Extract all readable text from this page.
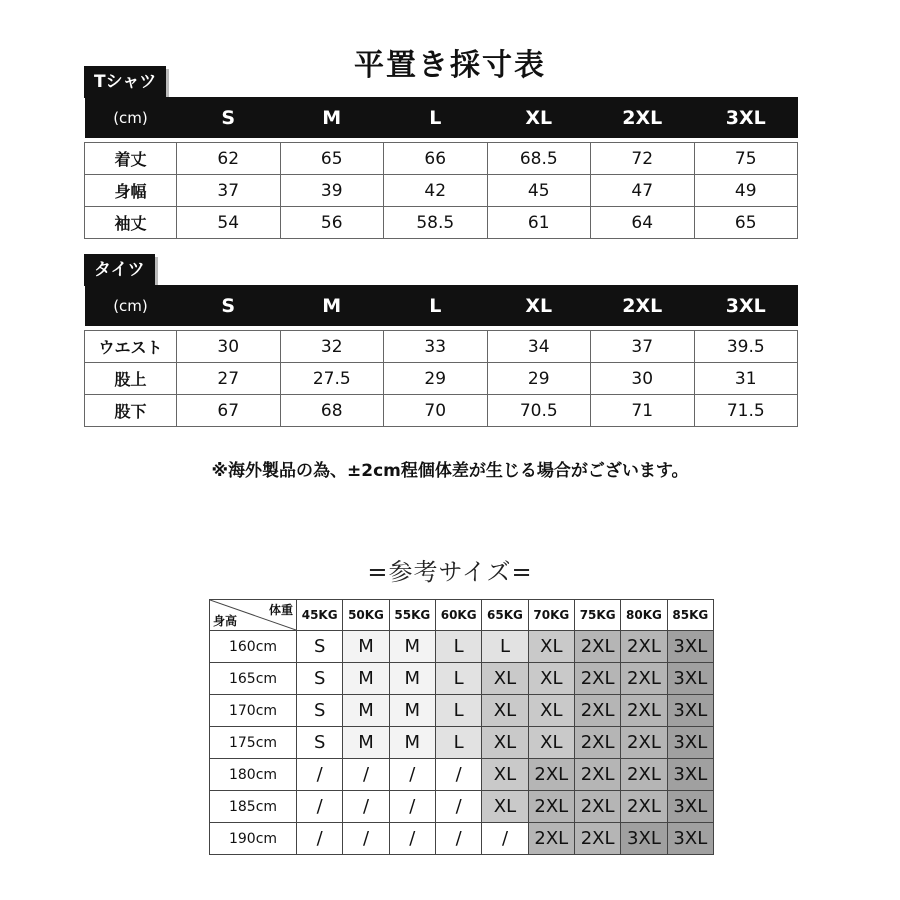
平置き採寸表
Tシャツ
(cm)	S	M	L	XL	2XL	3XL

着丈	62	65	66	68.5	72	75
身幅	37	39	42	45	47	49
袖丈	54	56	58.5	61	64	65
タイツ
(cm)	S	M	L	XL	2XL	3XL

ウエスト	30	32	33	34	37	39.5
股上	27	27.5	29	29	30	31
股下	67	68	70	70.5	71	71.5
※海外製品の為、±2cm程個体差が生じる場合がございます。
=参考サイズ=
体重
身高	45KG	50KG	55KG	60KG	65KG	70KG	75KG	80KG	85KG
160cm	S	M	M	L	L	XL	2XL	2XL	3XL
165cm	S	M	M	L	XL	XL	2XL	2XL	3XL
170cm	S	M	M	L	XL	XL	2XL	2XL	3XL
175cm	S	M	M	L	XL	XL	2XL	2XL	3XL
180cm	/	/	/	/	XL	2XL	2XL	2XL	3XL
185cm	/	/	/	/	XL	2XL	2XL	2XL	3XL
190cm	/	/	/	/	/	2XL	2XL	3XL	3XL
